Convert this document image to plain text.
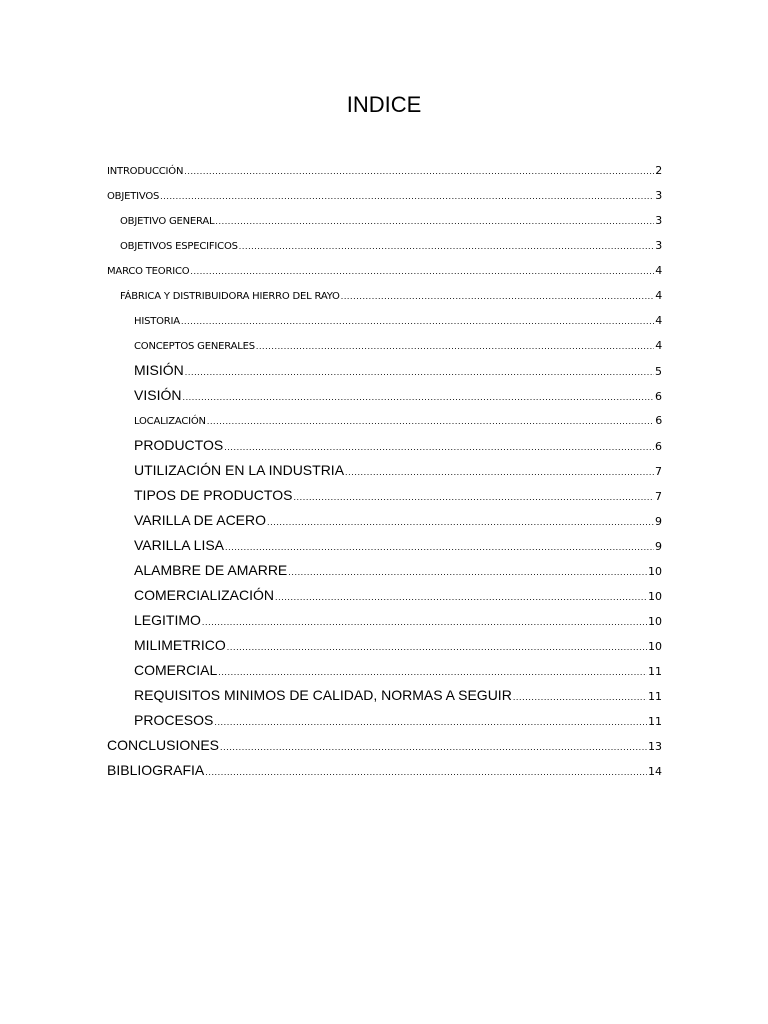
INDICE
INTRODUCCIÓN .....	2
OBJETIVOS .....	3
OBJETIVO GENERAL .....	3
OBJETIVOS ESPECIFICOS .....	3
MARCO TEORICO .....	4
FÁBRICA Y DISTRIBUIDORA HIERRO DEL RAYO .....	4
HISTORIA .....	4
CONCEPTOS GENERALES .....	4
MISIÓN .....	5
VISIÓN .....	6
LOCALIZACIÓN .....	6
PRODUCTOS .....	6
UTILIZACIÓN EN LA INDUSTRIA .....	7
TIPOS DE PRODUCTOS .....	7
VARILLA DE ACERO .....	9
VARILLA LISA .....	9
ALAMBRE DE AMARRE .....	10
COMERCIALIZACIÓN .....	10
LEGITIMO .....	10
MILIMETRICO .....	10
COMERCIAL .....	11
REQUISITOS MINIMOS DE CALIDAD, NORMAS A SEGUIR .....	11
PROCESOS .....	11
CONCLUSIONES .....	13
BIBLIOGRAFIA .....	14
